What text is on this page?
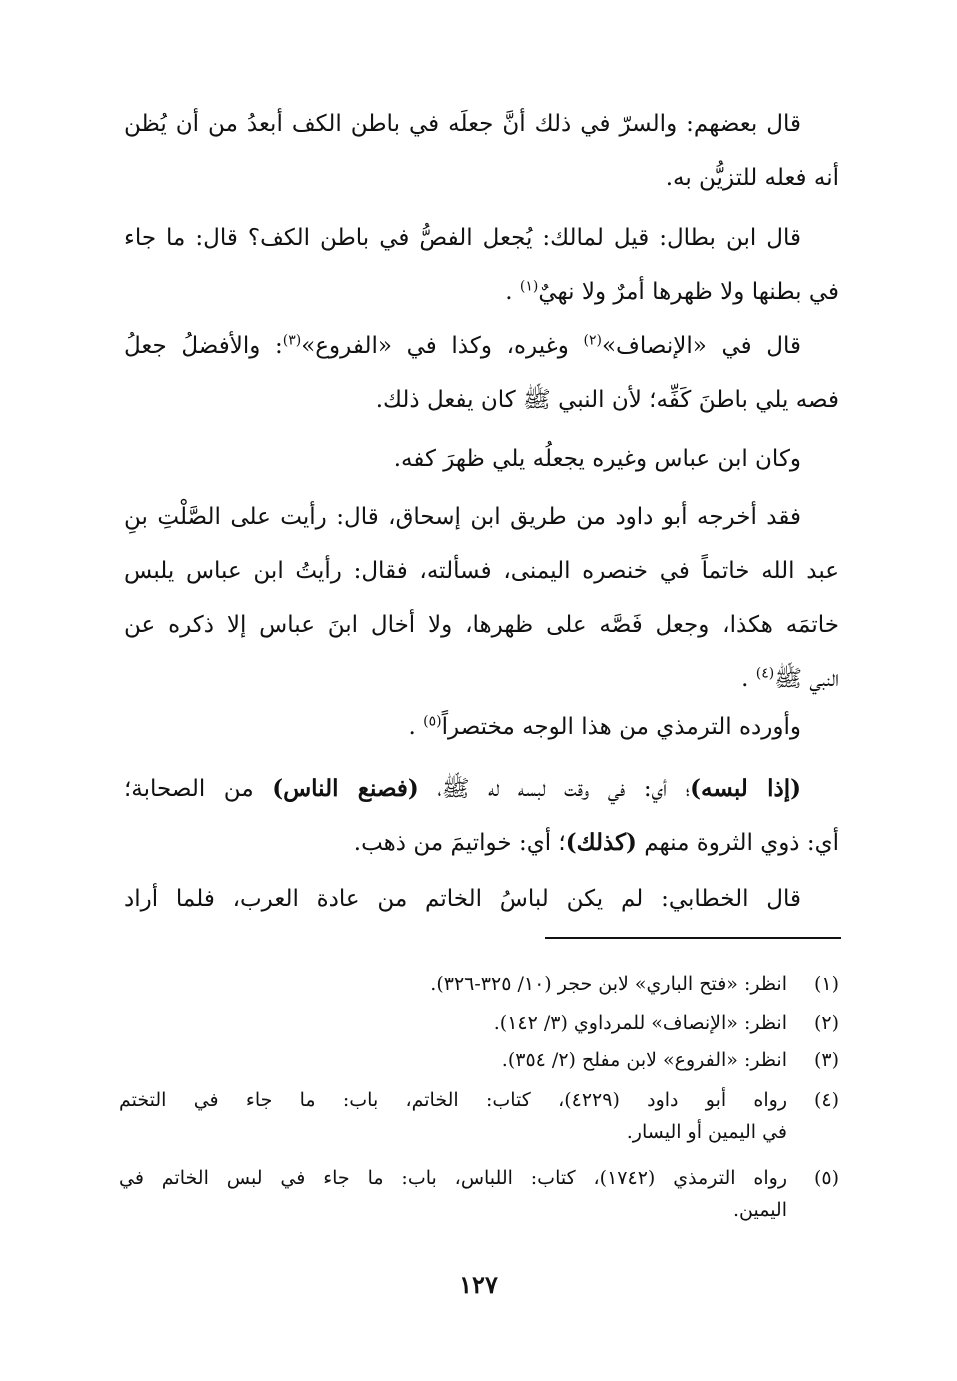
قال بعضهم: والسرّ في ذلك أنَّ جعلَه في باطن الكف أبعدُ من أن يُظن
أنه فعله للتزيُّن به.
قال ابن بطال: قيل لمالك: يُجعل الفصُّ في باطن الكف؟ قال: ما جاء
في بطنها ولا ظهرها أمرٌ ولا نهيٌ$^{(١)}$ .
قال في «الإنصاف»$^{(٢)}$ وغيره، وكذا في «الفروع»$^{(٣)}$: والأفضلُ جعلُ
فصه يلي باطنَ كَفِّه؛ لأن النبي ﷺ كان يفعل ذلك.
وكان ابن عباس وغيره يجعلُه يلي ظهرَ كفه.
فقد أخرجه أبو داود من طريق ابن إسحاق، قال: رأيت على الصَّلْتِ بنِ
عبد الله خاتماً في خنصره اليمنى، فسألته، فقال: رأيتُ ابن عباس يلبس
خاتمَه هكذا، وجعل فَصَّه على ظهرها، ولا أخال ابنَ عباس إلا ذكره عن
النبي ﷺ$^{(٤)}$ .
وأورده الترمذي من هذا الوجه مختصراً$^{(٥)}$ .
(إذا لبسه)؛ أي: في وقت لبسه له ﷺ، (فصنع الناس) من الصحابة؛
أي: ذوي الثروة منهم (كذلك)؛ أي: خواتيمَ من ذهب.
قال الخطابي: لم يكن لباسُ الخاتم من عادة العرب، فلما أراد
(١)
انظر: «فتح الباري» لابن حجر (١٠/ ٣٢٥-٣٢٦).
(٢)
انظر: «الإنصاف» للمرداوي (٣/ ١٤٢).
(٣)
انظر: «الفروع» لابن مفلح (٢/ ٣٥٤).
(٤)
رواه أبو داود (٤٢٢٩)، كتاب: الخاتم، باب: ما جاء في التختم
في اليمين أو اليسار.
(٥)
رواه الترمذي (١٧٤٢)، كتاب: اللباس، باب: ما جاء في لبس الخاتم في
اليمين.
١٢٧
